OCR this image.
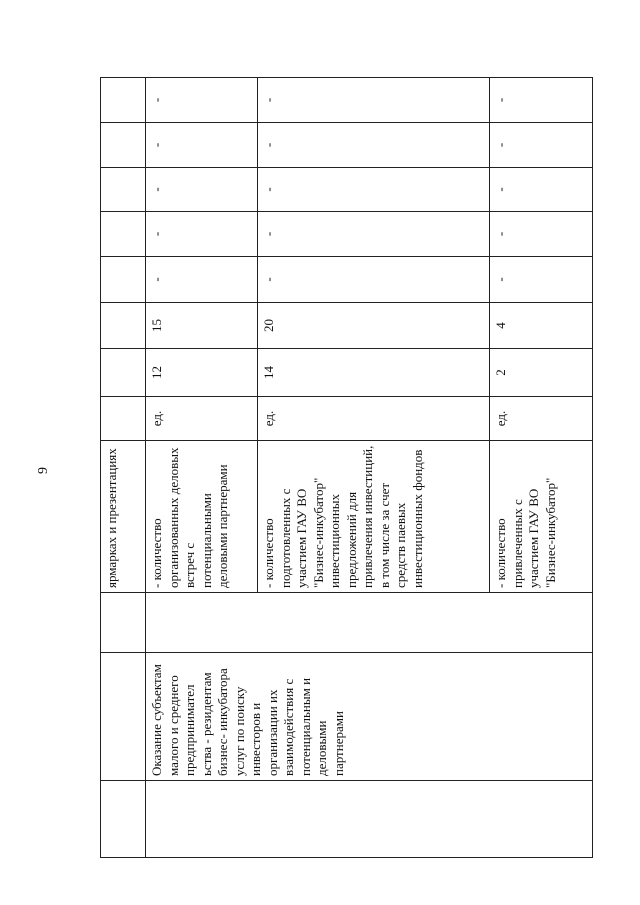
9
				ярмарках и презентациях								
	Оказание субъектам малого и среднего предпринимател ьства - резидентам бизнес- инкубатора услуг по поиску инвесторов и организации их взаимодействия с потенциальным и деловыми партнерами		- количество организованных деловых встреч с потенциальными деловыми партнерами	ед.	12	15	-	-	-	-	-
			- количество подготовленных с участием ГАУ ВО "Бизнес-инкубатор" инвестиционных предложений для привлечения инвестиций, в том числе за счет средств паевых инвестиционных фондов	ед.	14	20	-	-	-	-	-
			- количество привлеченных с участием ГАУ ВО "Бизнес-инкубатор"	ед.	2	4	-	-	-	-	-
